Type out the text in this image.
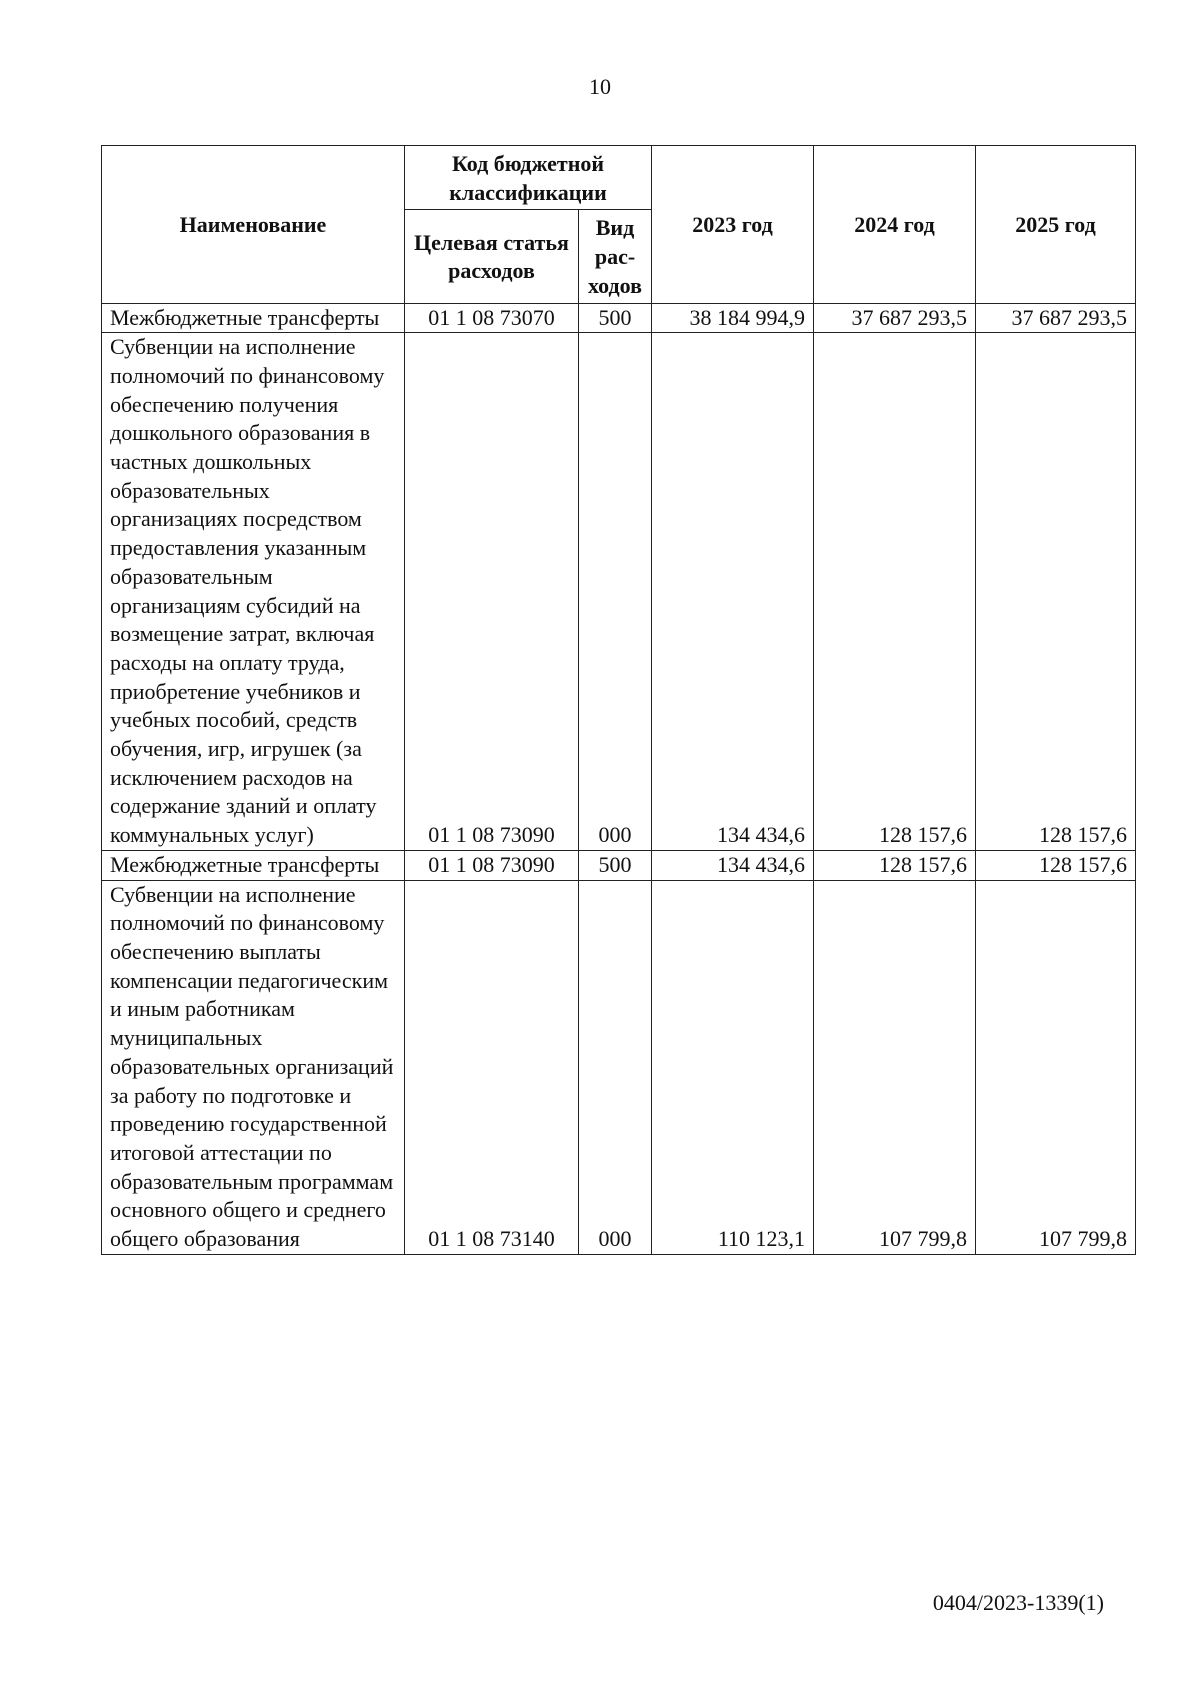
10
Наименование	Код бюджетной классификации		2023 год	2024 год	2025 год
	Целевая статья расходов	Вид рас-ходов			
Межбюджетные трансферты	01 1 08 73070	500	38 184 994,9	37 687 293,5	37 687 293,5
Субвенции на исполнение полномочий по финансовому обеспечению получения дошкольного образования в частных дошкольных образовательных организациях посредством предоставления указанным образовательным организациям субсидий на возмещение затрат, включая расходы на оплату труда, приобретение учебников и учебных пособий, средств обучения, игр, игрушек (за исключением расходов на содержание зданий и оплату коммунальных услуг)	01 1 08 73090	000	134 434,6	128 157,6	128 157,6
Межбюджетные трансферты	01 1 08 73090	500	134 434,6	128 157,6	128 157,6
Субвенции на исполнение полномочий по финансовому обеспечению выплаты компенсации педагогическим и иным работникам муниципальных образовательных организаций за работу по подготовке и проведению государственной итоговой аттестации по образовательным программам основного общего и среднего общего образования	01 1 08 73140	000	110 123,1	107 799,8	107 799,8
0404/2023-1339(1)
